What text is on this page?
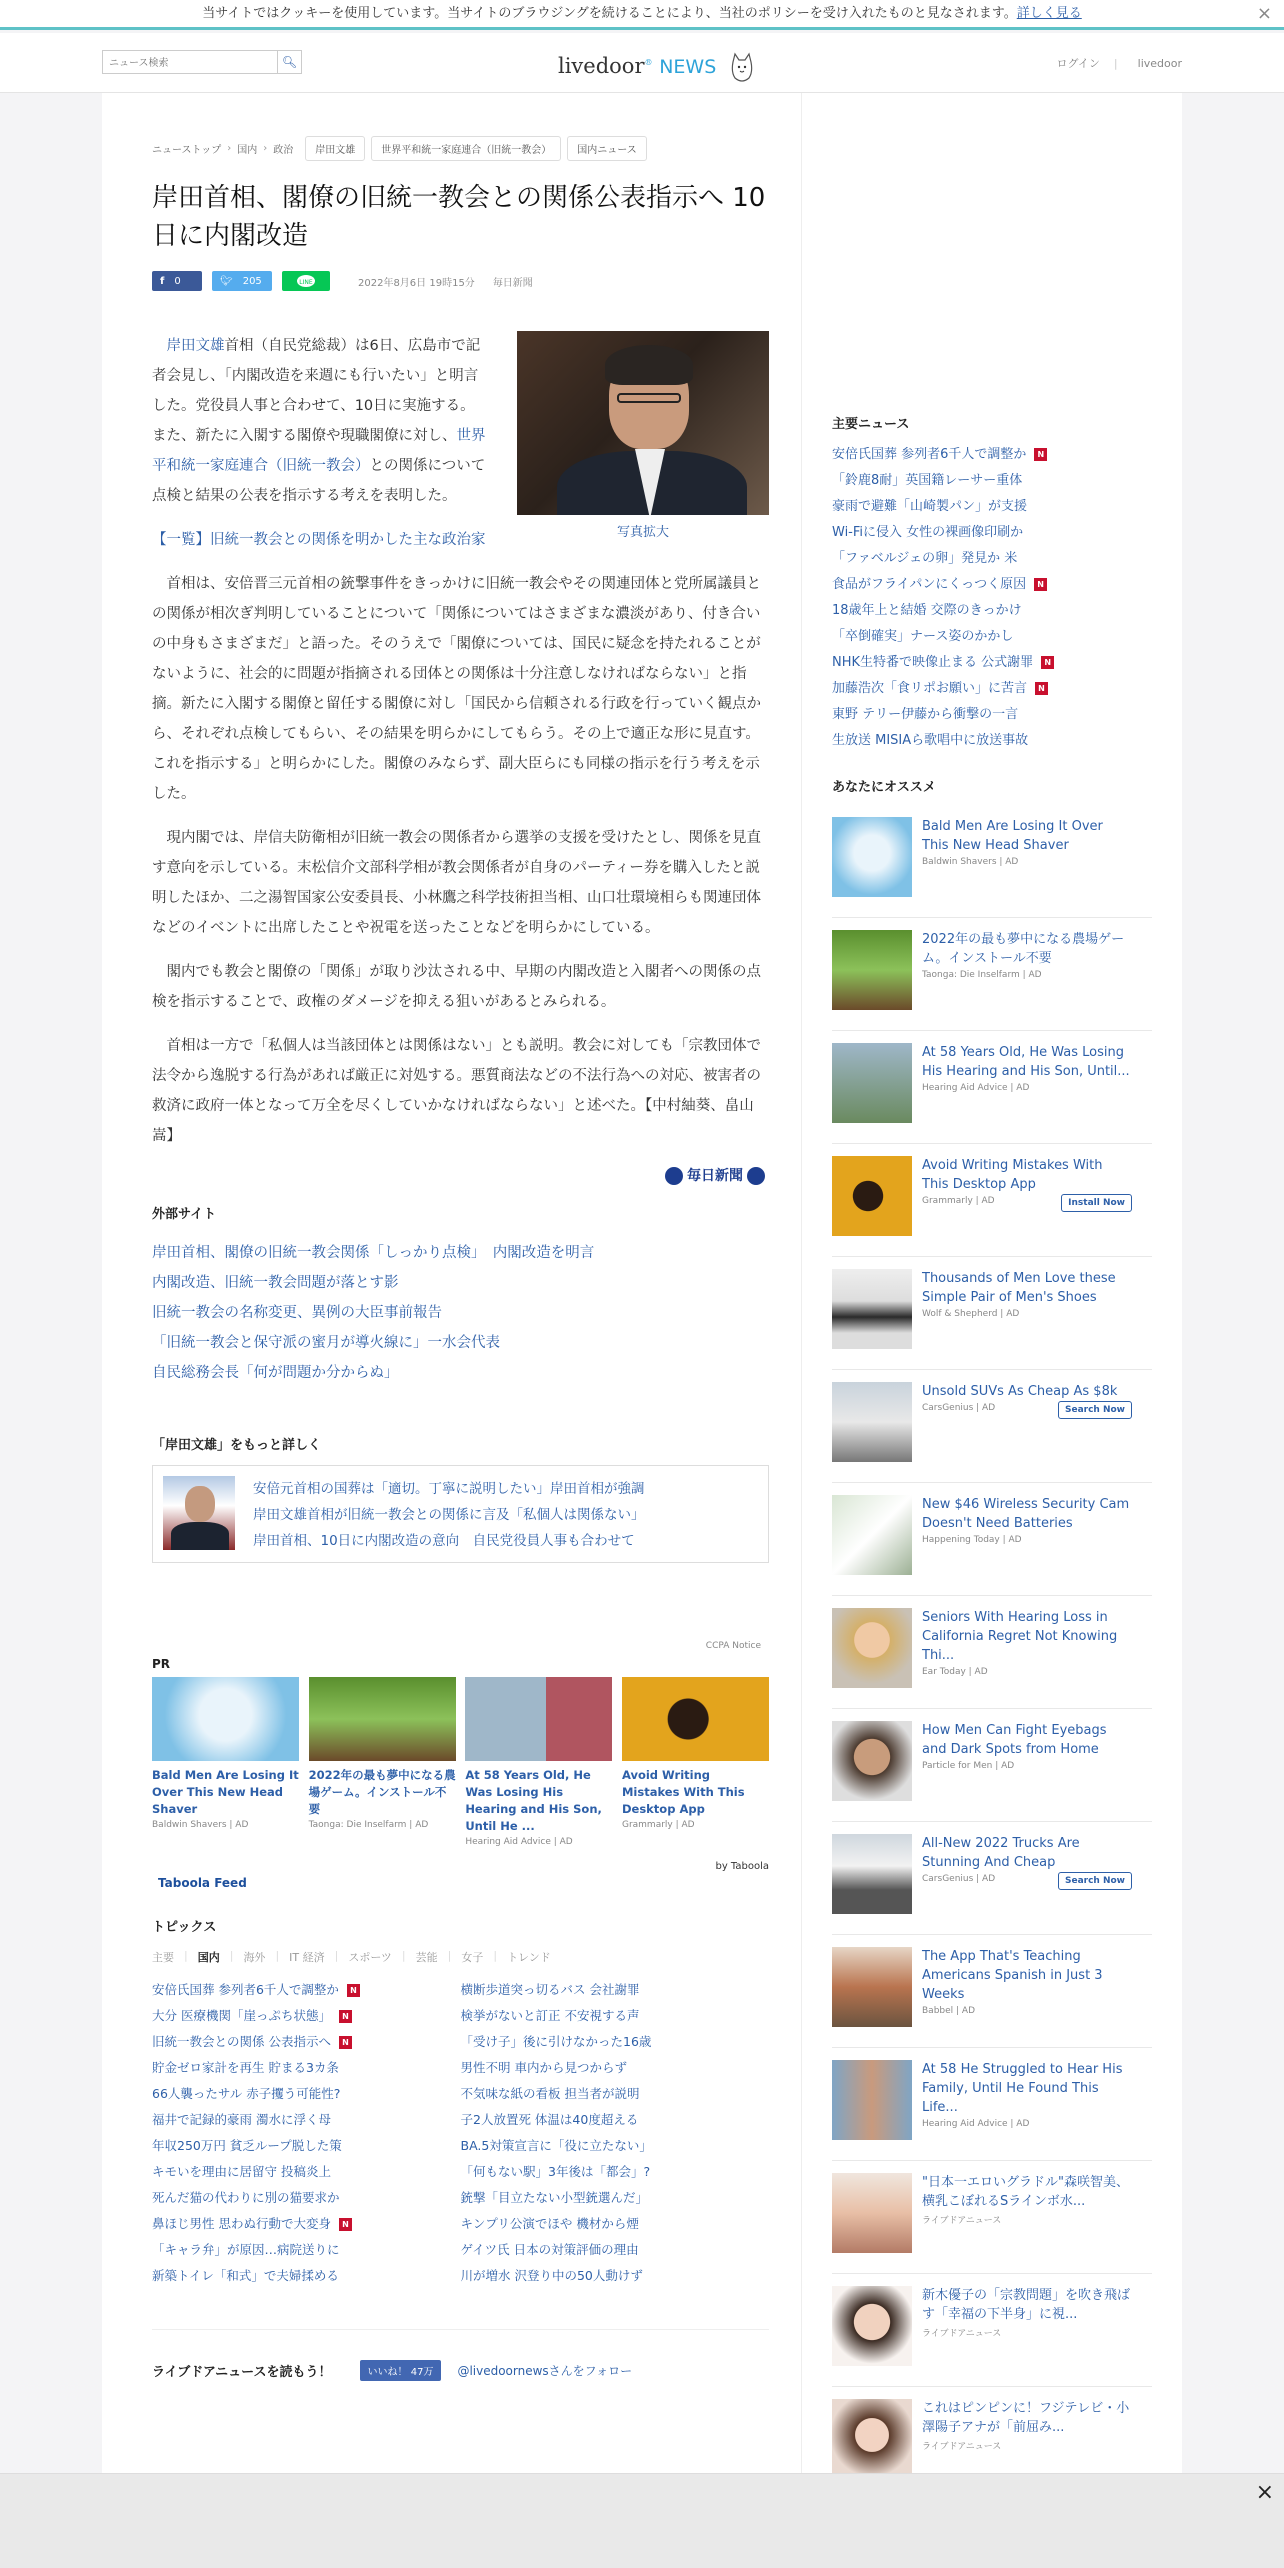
当サイトではクッキーを使用しています。当サイトのブラウジングを続けることにより、当社のポリシーを受け入れたものと見なされます。詳しく見る	×
ニュース検索
🔍︎	livedoor® NEWS	ログイン | livedoor
ニューストップ › 国内 › 政治	岸田文雄	世界平和統一家庭連合（旧統一教会）	国内ニュース
岸田首相、閣僚の旧統一教会との関係公表指示へ 10日に内閣改造
f 0	🐦︎ 205	LINE	2022年8月6日 19時15分 毎日新聞
写真拡大

岸田文雄首相（自民党総裁）は6日、広島市で記者会見し、「内閣改造を来週にも行いたい」と明言した。党役員人事と合わせて、10日に実施する。また、新たに入閣する閣僚や現職閣僚に対し、世界平和統一家庭連合（旧統一教会）との関係について点検と結果の公表を指示する考えを表明した。

【一覧】旧統一教会との関係を明かした主な政治家

首相は、安倍晋三元首相の銃撃事件をきっかけに旧統一教会やその関連団体と党所属議員との関係が相次ぎ判明していることについて「関係についてはさまざまな濃淡があり、付き合いの中身もさまざまだ」と語った。そのうえで「閣僚については、国民に疑念を持たれることがないように、社会的に問題が指摘される団体との関係は十分注意しなければならない」と指摘。新たに入閣する閣僚と留任する閣僚に対し「国民から信頼される行政を行っていく観点から、それぞれ点検してもらい、その結果を明らかにしてもらう。その上で適正な形に見直す。これを指示する」と明らかにした。閣僚のみならず、副大臣らにも同様の指示を行う考えを示した。

現内閣では、岸信夫防衛相が旧統一教会の関係者から選挙の支援を受けたとし、関係を見直す意向を示している。末松信介文部科学相が教会関係者が自身のパーティー券を購入したと説明したほか、二之湯智国家公安委員長、小林鷹之科学技術担当相、山口壮環境相らも関連団体などのイベントに出席したことや祝電を送ったことなどを明らかにしている。

閣内でも教会と閣僚の「関係」が取り沙汰される中、早期の内閣改造と入閣者への関係の点検を指示することで、政権のダメージを抑える狙いがあるとみられる。

首相は一方で「私個人は当該団体とは関係はない」とも説明。教会に対しても「宗教団体で法令から逸脱する行為があれば厳正に対処する。悪質商法などの不法行為への対応、被害者の救済に政府一体となって万全を尽くしていかなければならない」と述べた。【中村紬葵、畠山嵩】

毎日新聞
外部サイト
岸田首相、閣僚の旧統一教会関係「しっかり点検」　内閣改造を明言
内閣改造、旧統一教会問題が落とす影
旧統一教会の名称変更、異例の大臣事前報告
「旧統一教会と保守派の蜜月が導火線に」一水会代表
自民総務会長「何が問題か分からぬ」
「岸田文雄」をもっと詳しく
安倍元首相の国葬は「適切。丁寧に説明したい」岸田首相が強調
岸田文雄首相が旧統一教会との関係に言及「私個人は関係ない」
岸田首相、10日に内閣改造の意向　自民党役員人事も合わせて
CCPA Notice
PR
Bald Men Are Losing It Over This New Head Shaver
Baldwin Shavers | AD
2022年の最も夢中になる農場ゲーム。インストール不要
Taonga: Die Inselfarm | AD
At 58 Years Old, He Was Losing His Hearing and His Son, Until He ...
Hearing Aid Advice | AD
Avoid Writing Mistakes With This Desktop App
Grammarly | AD
by Taboola
Taboola Feed
トピックス
主要 | 国内 | 海外 | IT 経済 | スポーツ | 芸能 | 女子 | トレンド
安倍氏国葬 参列者6千人で調整か N
大分 医療機関「崖っぷち状態」 N
旧統一教会との関係 公表指示へ N
貯金ゼロ家計を再生 貯まる3カ条
66人襲ったサル 赤子攫う可能性?
福井で記録的豪雨 濁水に浮く母
年収250万円 貧乏ループ脱した策
キモいを理由に居留守 投稿炎上
死んだ猫の代わりに別の猫要求か
鼻ほじ男性 思わぬ行動で大変身 N
「キャラ弁」が原因…病院送りに
新築トイレ「和式」で夫婦揉める
横断歩道突っ切るバス 会社謝罪
検挙がないと訂正 不安視する声
「受け子」後に引けなかった16歳
男性不明 車内から見つからず
不気味な紙の看板 担当者が説明
子2人放置死 体温は40度超える
BA.5対策宣言に「役に立たない」
「何もない駅」3年後は「都会」?
銃撃「目立たない小型銃選んだ」
キンプリ公演でほや 機材から煙
ゲイツ氏 日本の対策評価の理由
川が増水 沢登り中の50人動けず
ライブドアニュースを読もう！	いいね！ 47万	@livedoornewsさんをフォロー
主要ニュース
安倍氏国葬 参列者6千人で調整か N
「鈴鹿8耐」英国籍レーサー重体
豪雨で避難「山崎製パン」が支援
Wi-Fiに侵入 女性の裸画像印刷か
「ファベルジェの卵」発見か 米
食品がフライパンにくっつく原因 N
18歳年上と結婚 交際のきっかけ
「卒倒確実」ナース姿のかかし
NHK生特番で映像止まる 公式謝罪 N
加藤浩次「食リポお願い」に苦言 N
東野 テリー伊藤から衝撃の一言
生放送 MISIAら歌唱中に放送事故
あなたにオススメ
Bald Men Are Losing It Over This New Head Shaver
Baldwin Shavers | AD
2022年の最も夢中になる農場ゲーム。インストール不要
Taonga: Die Inselfarm | AD
At 58 Years Old, He Was Losing His Hearing and His Son, Until...
Hearing Aid Advice | AD
Avoid Writing Mistakes With This Desktop App
Grammarly | AD	Install Now
Thousands of Men Love these Simple Pair of Men's Shoes
Wolf & Shepherd | AD
Unsold SUVs As Cheap As $8k
CarsGenius | AD	Search Now
New $46 Wireless Security Cam Doesn't Need Batteries
Happening Today | AD
Seniors With Hearing Loss in California Regret Not Knowing Thi...
Ear Today | AD
How Men Can Fight Eyebags and Dark Spots from Home
Particle for Men | AD
All-New 2022 Trucks Are Stunning And Cheap
CarsGenius | AD	Search Now
The App That's Teaching Americans Spanish in Just 3 Weeks
Babbel | AD
At 58 He Struggled to Hear His Family, Until He Found This Life...
Hearing Aid Advice | AD
"日本一エロいグラドル"森咲智美、横乳こぼれるSラインボ水...
ライブドアニュース
新木優子の「宗教問題」を吹き飛ばす「幸福の下半身」に視...
ライブドアニュース
これはピンピンに！フジテレビ・小澤陽子アナが「前屈み...
ライブドアニュース
×
